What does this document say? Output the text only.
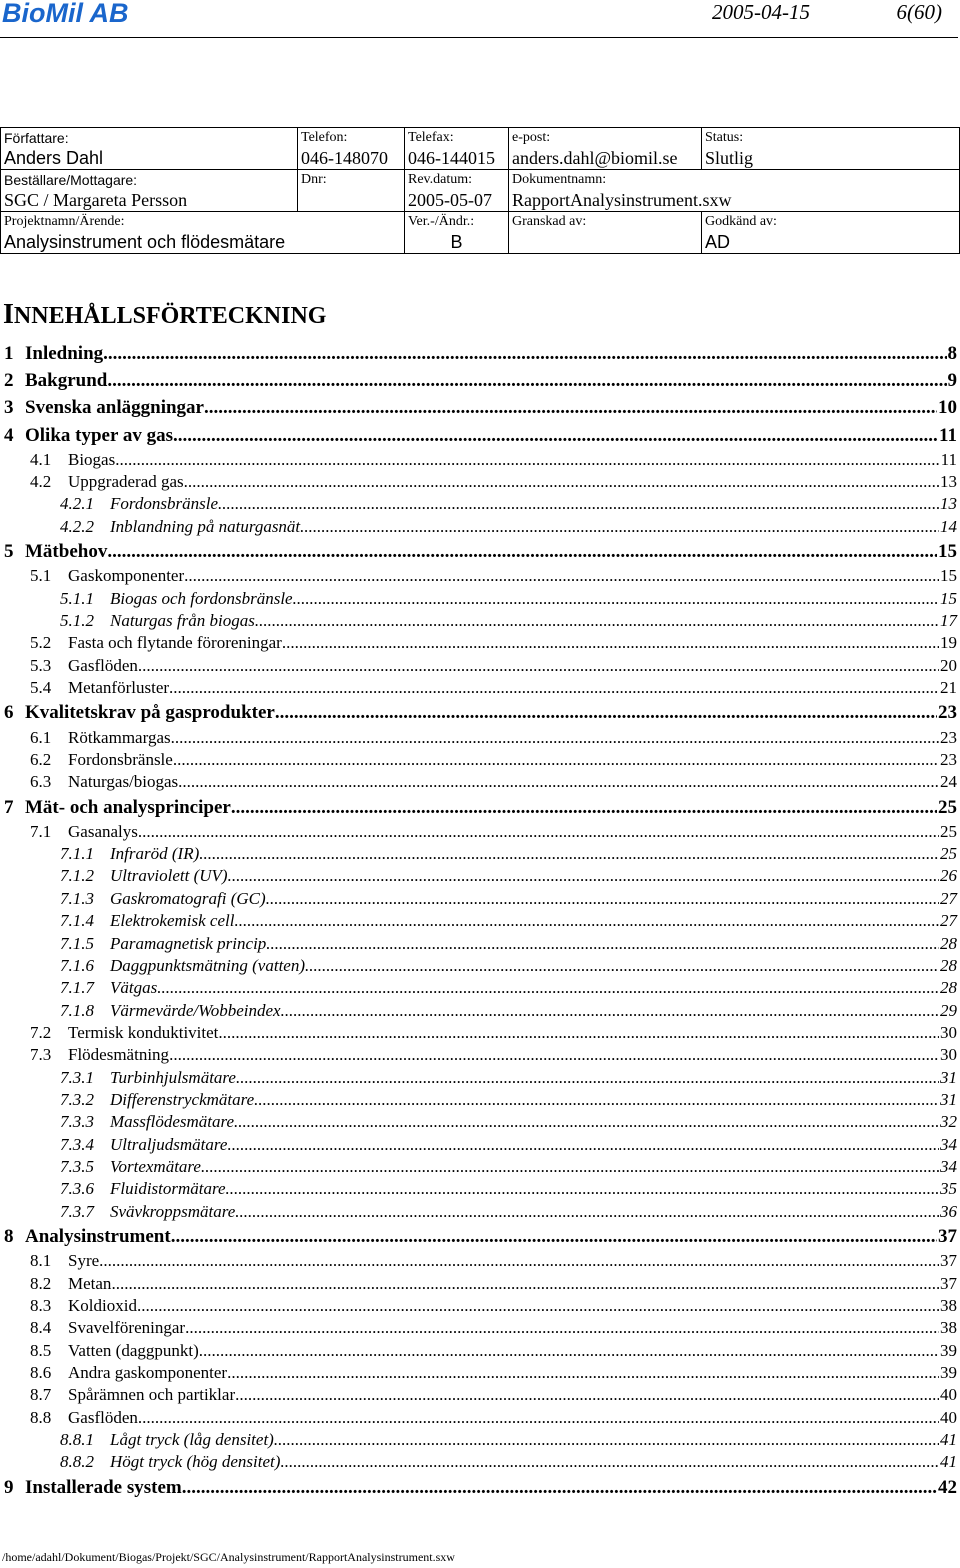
BioMil AB	2005-04-15	6(60)
Författare:	Telefon:	Telefax:	e-post:	Status:
Anders Dahl	046-148070	046-144015	anders.dahl@biomil.se	Slutlig
Beställare/Mottagare:	Dnr:	Rev.datum:	Dokumentnamn:	
SGC / Margareta Persson		2005-05-07	RapportAnalysinstrument.sxw	
Projektnamn/Ärende:		Ver.-/Ändr.:	Granskad av:	Godkänd av:
Analysinstrument och flödesmätare		B		AD
INNEHÅLLSFÖRTECKNING
1 Inledning .....	8
2 Bakgrund .....	9
3 Svenska anläggningar .....	10
4 Olika typer av gas .....	11
4.1 Biogas .....	11
4.2 Uppgraderad gas .....	13
4.2.1 Fordonsbränsle .....	13
4.2.2 Inblandning på naturgasnät .....	14
5 Mätbehov .....	15
5.1 Gaskomponenter .....	15
5.1.1 Biogas och fordonsbränsle .....	15
5.1.2 Naturgas från biogas .....	17
5.2 Fasta och flytande föroreningar .....	19
5.3 Gasflöden .....	20
5.4 Metanförluster .....	21
6 Kvalitetskrav på gasprodukter .....	23
6.1 Rötkammargas .....	23
6.2 Fordonsbränsle .....	23
6.3 Naturgas/biogas .....	24
7 Mät- och analysprinciper .....	25
7.1 Gasanalys .....	25
7.1.1 Infraröd (IR) .....	25
7.1.2 Ultraviolett (UV) .....	26
7.1.3 Gaskromatografi (GC) .....	27
7.1.4 Elektrokemisk cell .....	27
7.1.5 Paramagnetisk princip .....	28
7.1.6 Daggpunktsmätning (vatten) .....	28
7.1.7 Vätgas .....	28
7.1.8 Värmevärde/Wobbeindex .....	29
7.2 Termisk konduktivitet .....	30
7.3 Flödesmätning .....	30
7.3.1 Turbinhjulsmätare .....	31
7.3.2 Differenstryckmätare .....	31
7.3.3 Massflödesmätare .....	32
7.3.4 Ultraljudsmätare .....	34
7.3.5 Vortexmätare .....	34
7.3.6 Fluidistormätare .....	35
7.3.7 Svävkroppsmätare .....	36
8 Analysinstrument .....	37
8.1 Syre .....	37
8.2 Metan .....	37
8.3 Koldioxid .....	38
8.4 Svavelföreningar .....	38
8.5 Vatten (daggpunkt) .....	39
8.6 Andra gaskomponenter .....	39
8.7 Spårämnen och partiklar .....	40
8.8 Gasflöden .....	40
8.8.1 Lågt tryck (låg densitet) .....	41
8.8.2 Högt tryck (hög densitet) .....	41
9 Installerade system .....	42
/home/adahl/Dokument/Biogas/Projekt/SGC/Analysinstrument/RapportAnalysinstrument.sxw
